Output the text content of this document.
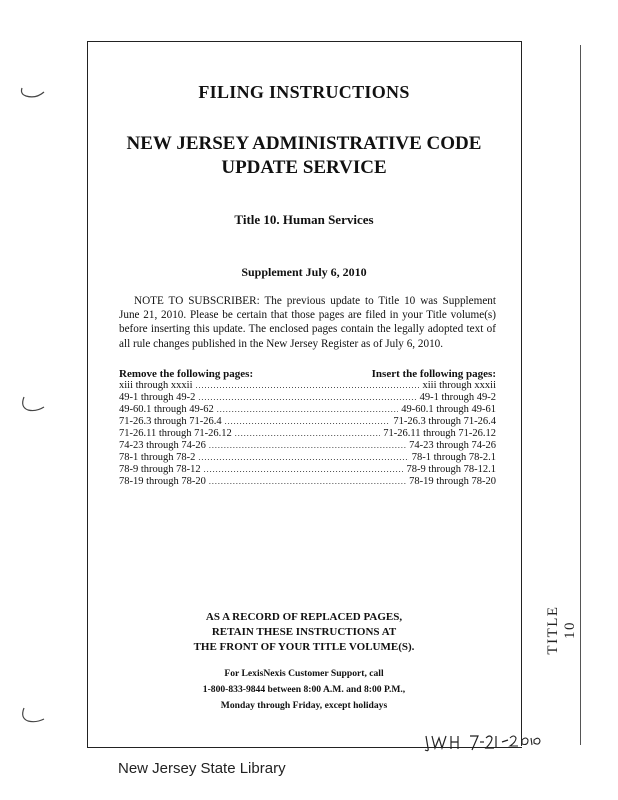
TITLE 10
FILING INSTRUCTIONS
NEW JERSEY ADMINISTRATIVE CODE
UPDATE SERVICE
Title 10. Human Services
Supplement July 6, 2010

NOTE TO SUBSCRIBER: The previous update to Title 10 was Supplement June 21, 2010. Please be certain that those pages are filed in your Title volume(s) before inserting this update. The enclosed pages contain the legally adopted text of all rule changes published in the New Jersey Register as of July 6, 2010.

Remove the following pages:	Insert the following pages:
xiii through xxxii .....	xiii through xxxii
49-1 through 49-2 .....	49-1 through 49-2
49-60.1 through 49-62 .....	49-60.1 through 49-61
71-26.3 through 71-26.4 .....	71-26.3 through 71-26.4
71-26.11 through 71-26.12 .....	71-26.11 through 71-26.12
74-23 through 74-26 .....	74-23 through 74-26
78-1 through 78-2 .....	78-1 through 78-2.1
78-9 through 78-12 .....	78-9 through 78-12.1
78-19 through 78-20 .....	78-19 through 78-20
AS A RECORD OF REPLACED PAGES,
RETAIN THESE INSTRUCTIONS AT
THE FRONT OF YOUR TITLE VOLUME(S).
For LexisNexis Customer Support, call
1-800-833-9844 between 8:00 A.M. and 8:00 P.M.,
Monday through Friday, except holidays
New Jersey State Library
